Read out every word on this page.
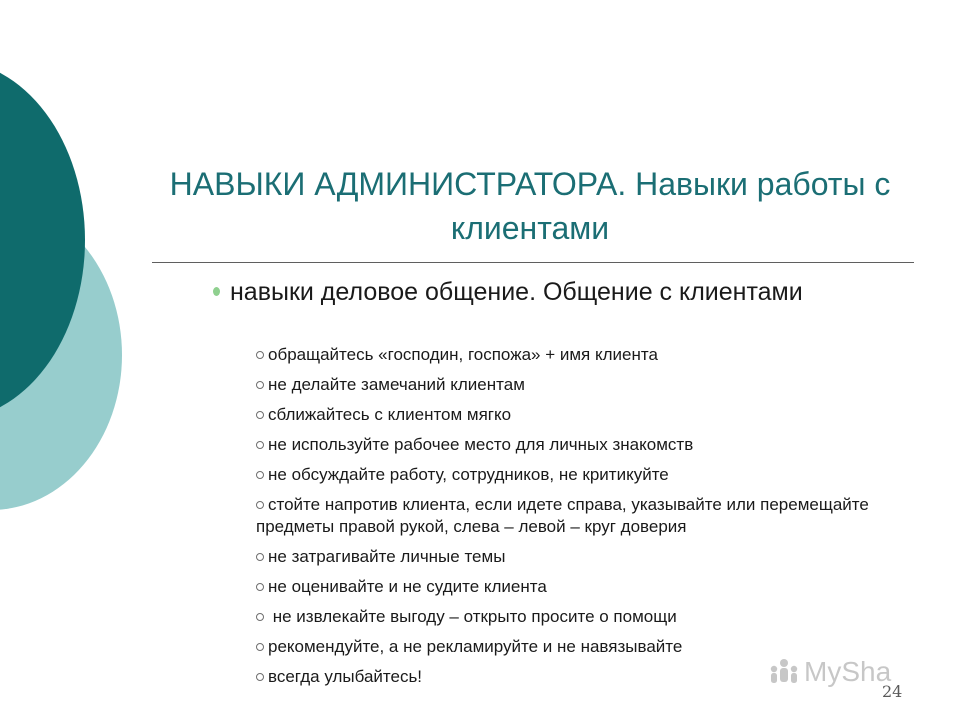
НАВЫКИ АДМИНИСТРАТОРА. Навыки работы с клиентами
навыки деловое общение. Общение с клиентами
обращайтесь «господин, госпожа» + имя клиента
не делайте замечаний клиентам
сближайтесь с клиентом мягко
не используйте рабочее место для личных знакомств
не обсуждайте работу, сотрудников, не критикуйте
стойте напротив клиента, если идете справа, указывайте или перемещайте предметы правой рукой, слева – левой – круг доверия
не затрагивайте личные темы
не оценивайте и не судите клиента
не извлекайте выгоду – открыто просите о помощи
рекомендуйте, а не рекламируйте и не навязывайте
всегда улыбайтесь!	MySha
24
